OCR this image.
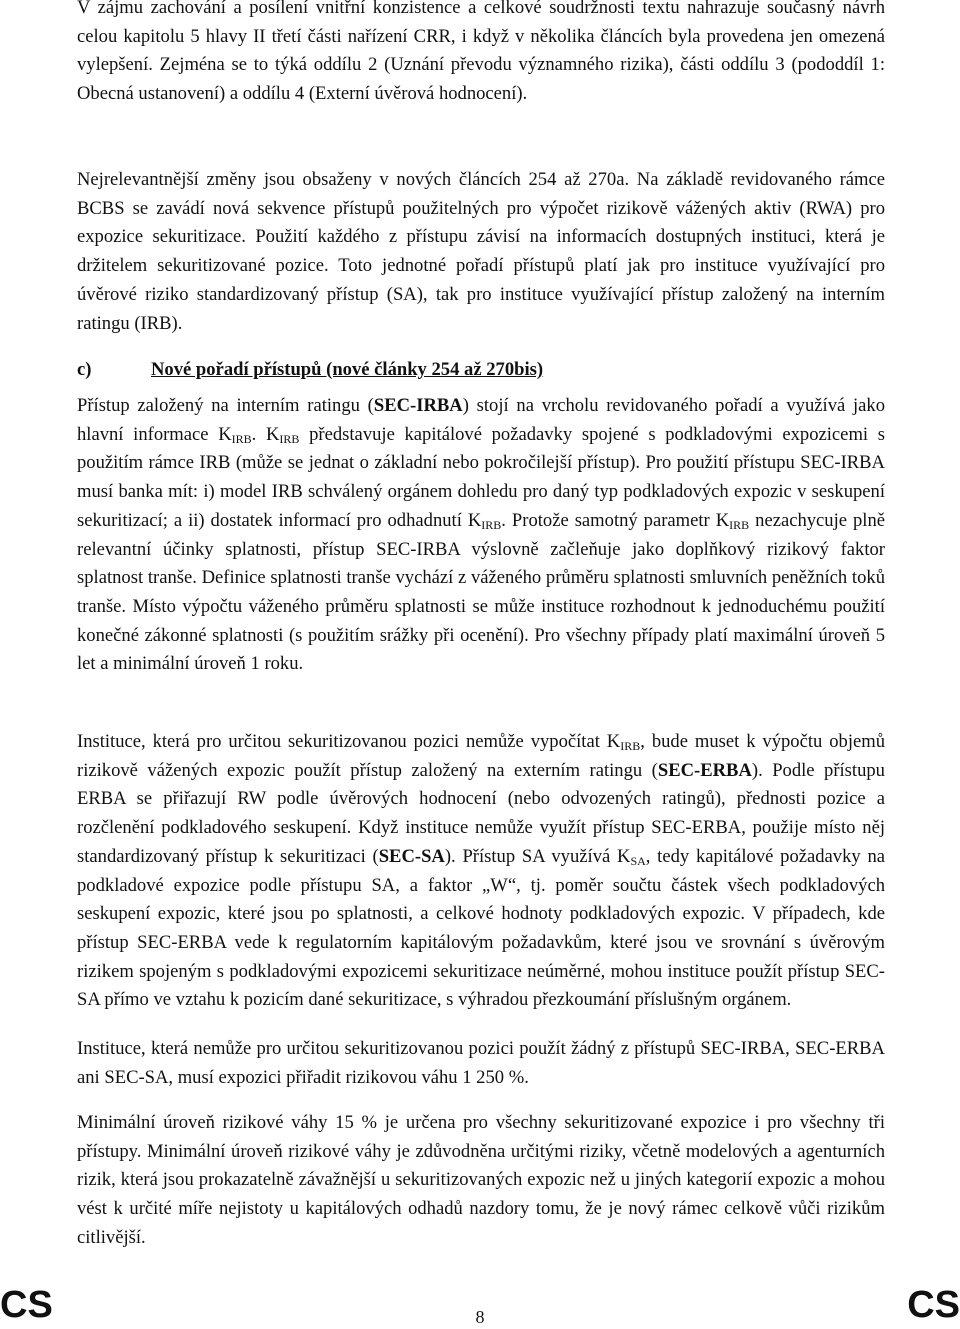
V zájmu zachování a posílení vnitřní konzistence a celkové soudržnosti textu nahrazuje současný návrh celou kapitolu 5 hlavy II třetí části nařízení CRR, i když v několika článcích byla provedena jen omezená vylepšení. Zejména se to týká oddílu 2 (Uznání převodu významného rizika), části oddílu 3 (pododdíl 1: Obecná ustanovení) a oddílu 4 (Externí úvěrová hodnocení).

Nejrelevantnější změny jsou obsaženy v nových článcích 254 až 270a. Na základě revidovaného rámce BCBS se zavádí nová sekvence přístupů použitelných pro výpočet rizikově vážených aktiv (RWA) pro expozice sekuritizace. Použití každého z přístupu závisí na informacích dostupných instituci, která je držitelem sekuritizované pozice. Toto jednotné pořadí přístupů platí jak pro instituce využívající pro úvěrové riziko standardizovaný přístup (SA), tak pro instituce využívající přístup založený na interním ratingu (IRB).

c)	Nové pořadí přístupů (nové články 254 až 270bis)

Přístup založený na interním ratingu (SEC-IRBA) stojí na vrcholu revidovaného pořadí a využívá jako hlavní informace $K_{IRB}$. $K_{IRB}$ představuje kapitálové požadavky spojené s podkladovými expozicemi s použitím rámce IRB (může se jednat o základní nebo pokročilejší přístup). Pro použití přístupu SEC-IRBA musí banka mít: i) model IRB schválený orgánem dohledu pro daný typ podkladových expozic v seskupení sekuritizací; a ii) dostatek informací pro odhadnutí $K_{IRB}$. Protože samotný parametr $K_{IRB}$ nezachycuje plně relevantní účinky splatnosti, přístup SEC-IRBA výslovně začleňuje jako doplňkový rizikový faktor splatnost tranše. Definice splatnosti tranše vychází z váženého průměru splatnosti smluvních peněžních toků tranše. Místo výpočtu váženého průměru splatnosti se může instituce rozhodnout k jednoduchému použití konečné zákonné splatnosti (s použitím srážky při ocenění). Pro všechny případy platí maximální úroveň 5 let a minimální úroveň 1 roku.

Instituce, která pro určitou sekuritizovanou pozici nemůže vypočítat $K_{IRB}$, bude muset k výpočtu objemů rizikově vážených expozic použít přístup založený na externím ratingu (SEC-ERBA). Podle přístupu ERBA se přiřazují RW podle úvěrových hodnocení (nebo odvozených ratingů), přednosti pozice a rozčlenění podkladového seskupení. Když instituce nemůže využít přístup SEC-ERBA, použije místo něj standardizovaný přístup k sekuritizaci (SEC-SA). Přístup SA využívá $K_{SA}$, tedy kapitálové požadavky na podkladové expozice podle přístupu SA, a faktor „W“, tj. poměr součtu částek všech podkladových seskupení expozic, které jsou po splatnosti, a celkové hodnoty podkladových expozic. V případech, kde přístup SEC-ERBA vede k regulatorním kapitálovým požadavkům, které jsou ve srovnání s úvěrovým rizikem spojeným s podkladovými expozicemi sekuritizace neúměrné, mohou instituce použít přístup SEC-SA přímo ve vztahu k pozicím dané sekuritizace, s výhradou přezkoumání příslušným orgánem.

Instituce, která nemůže pro určitou sekuritizovanou pozici použít žádný z přístupů SEC-IRBA, SEC-ERBA ani SEC-SA, musí expozici přiřadit rizikovou váhu 1 250 %.

Minimální úroveň rizikové váhy 15 % je určena pro všechny sekuritizované expozice i pro všechny tři přístupy. Minimální úroveň rizikové váhy je zdůvodněna určitými riziky, včetně modelových a agenturních rizik, která jsou prokazatelně závažnější u sekuritizovaných expozic než u jiných kategorií expozic a mohou vést k určité míře nejistoty u kapitálových odhadů nazdory tomu, že je nový rámec celkově vůči rizikům citlivější.

CS	8	CS
